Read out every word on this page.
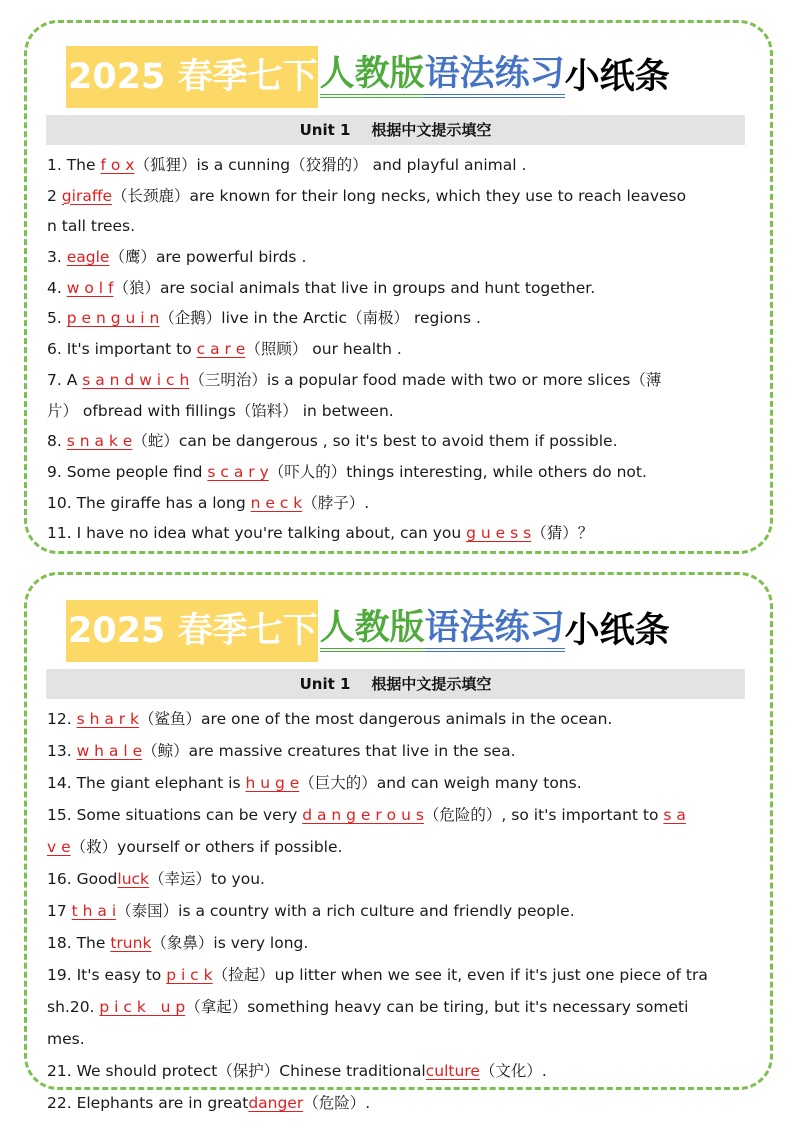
2025 春季七下 人教版 语法练习 小纸条
Unit 1    根据中文提示填空
1. The f o x（狐狸）is a cunning（狡猾的） and playful animal .
2 giraffe（长颈鹿）are known for their long necks, which they use to reach leaveso
n tall trees.
3. eagle（鹰）are powerful birds .
4. w o l f（狼）are social animals that live in groups and hunt together.
5. p e n g u i n（企鹅）live in the Arctic（南极） regions .
6. It's important to c a r e（照顾） our health .
7. A s a n d w i c h（三明治）is a popular food made with two or more slices（薄
片） ofbread with fillings（馅料） in between.
8. s n a k e（蛇）can be dangerous , so it's best to avoid them if possible.
9. Some people find s c a r y（吓人的）things interesting, while others do not.
10. The giraffe has a long n e c k（脖子）.
11. I have no idea what you're talking about, can you g u e s s（猜）？
2025 春季七下 人教版 语法练习 小纸条
Unit 1    根据中文提示填空
12. s h a r k（鲨鱼）are one of the most dangerous animals in the ocean.
13. w h a l e（鲸）are massive creatures that live in the sea.
14. The giant elephant is h u g e（巨大的）and can weigh many tons.
15. Some situations can be very d a n g e r o u s（危险的）, so it's important to s a
v e（救）yourself or others if possible.
16. Goodluck（幸运）to you.
17 t h a i（泰国）is a country with a rich culture and friendly people.
18. The trunk（象鼻）is very long.
19. It's easy to p i c k（捡起）up litter when we see it, even if it's just one piece of tra
sh.20. p i c k   u p（拿起）something heavy can be tiring, but it's necessary someti
mes.
21. We should protect（保护）Chinese traditionalculture（文化）.
22. Elephants are in greatdanger（危险）.
